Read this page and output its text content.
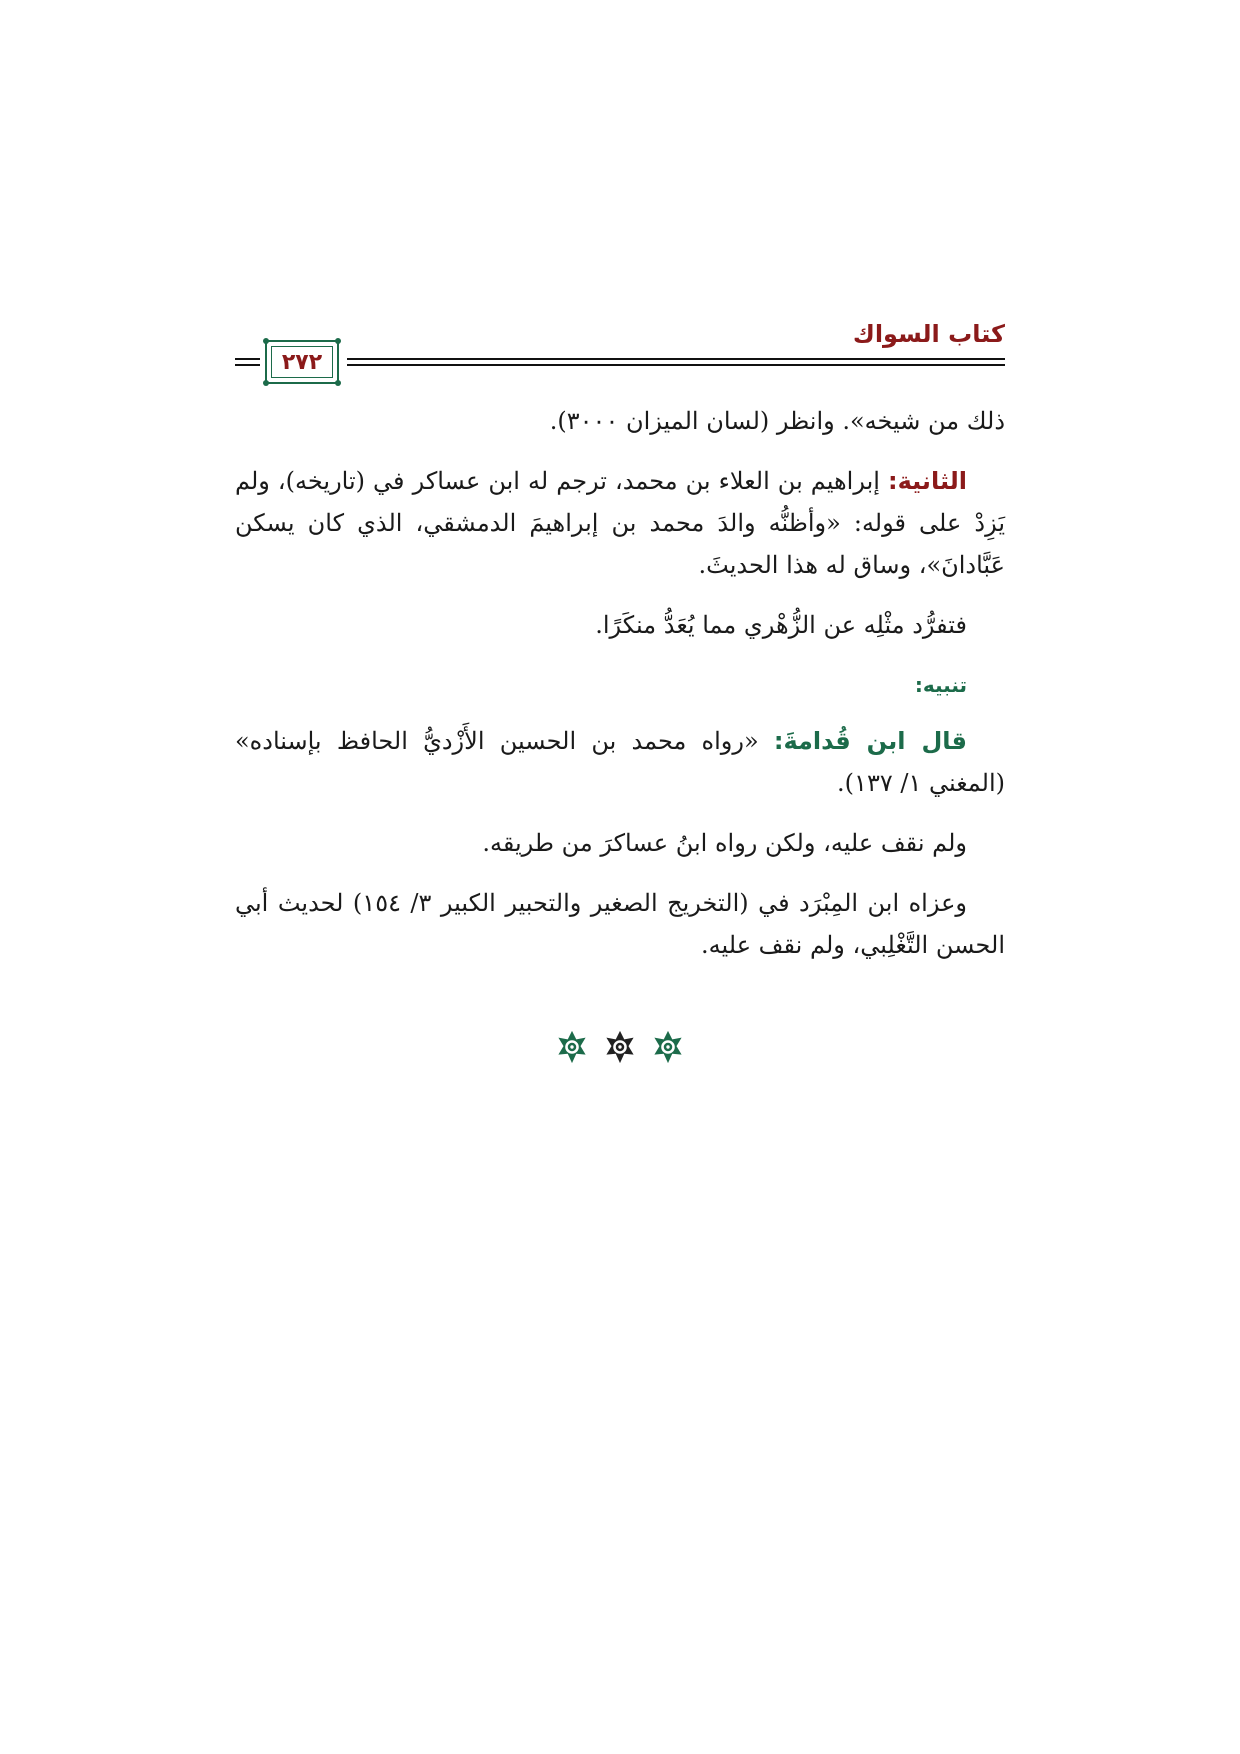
كتاب السواك
٢٧٢

ذلك من شيخه». وانظر (لسان الميزان ٣٠٠٠).

الثانية: إبراهيم بن العلاء بن محمد، ترجم له ابن عساكر في (تاريخه)، ولم يَزِدْ على قوله: «وأظنُّه والدَ محمد بن إبراهيمَ الدمشقي، الذي كان يسكن عَبَّادانَ»، وساق له هذا الحديثَ.

فتفرُّد مثْلِه عن الزُّهْري مما يُعَدُّ منكَرًا.

تنبيه:

قال ابن قُدامةَ: «رواه محمد بن الحسين الأَزْديُّ الحافظ بإسناده» (المغني ١/ ١٣٧).

ولم نقف عليه، ولكن رواه ابنُ عساكرَ من طريقه.

وعزاه ابن المِبْرَد في (التخريج الصغير والتحبير الكبير ٣/ ١٥٤) لحديث أبي الحسن التَّغْلِبي، ولم نقف عليه.
